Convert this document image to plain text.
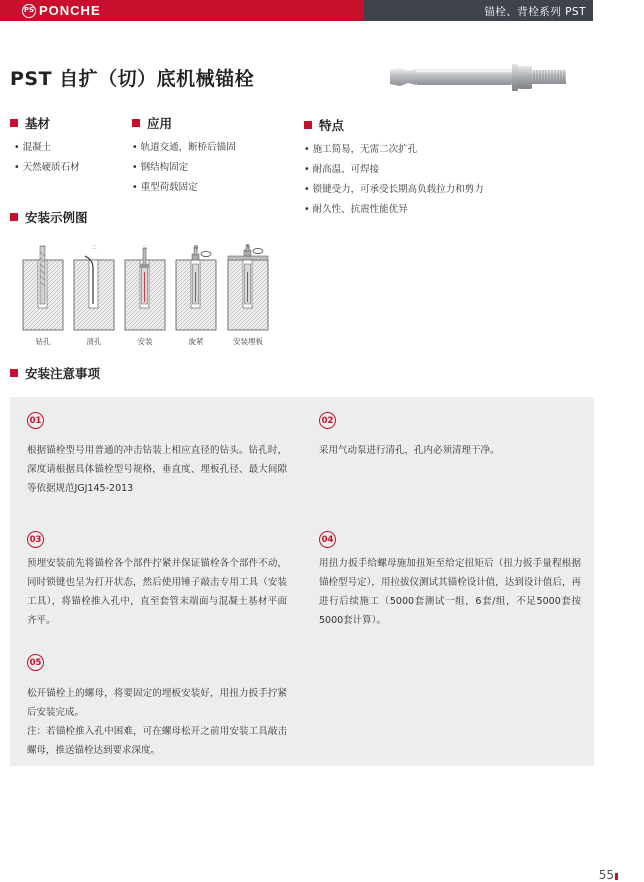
PS PONCHE	锚栓、背栓系列 PST
PST 自扩（切）底机械锚栓
基材
• 混凝土
• 天然硬质石材
应用
• 轨道交通，断桥后锚固
• 钢结构固定
• 重型荷载固定
特点
• 施工简易，无需二次扩孔
• 耐高温、可焊接
• 锁键受力，可承受长期高负载拉力和剪力
• 耐久性、抗震性能优异
安装示例图
一	二	三	四	五
钻孔	清孔	安装	旋紧	安装埋板
安装注意事项
01
根据锚栓型号用普通的冲击钻装上相应直径的钻头。钻孔时，深度请根据具体锚栓型号规格，垂直度、埋板孔径、最大间隙等依据规范JGJ145-2013
02
采用气动泵进行清孔，孔内必须清理干净。
03
预埋安装前先将锚栓各个部件拧紧并保证锚栓各个部件不动，同时锁键也呈为打开状态，然后使用锤子敲击专用工具（安装工具），将锚栓推入孔中，直至套管末端面与混凝土基材平面齐平。
04
用扭力扳手给螺母施加扭矩至给定扭矩后（扭力扳手量程根据锚栓型号定），用拉拔仪测试其锚栓设计值，达到设计值后，再进行后续施工（5000套测试一组，6套/组，不足5000套按5000套计算）。
05
松开锚栓上的螺母，将要固定的埋板安装好，用扭力扳手拧紧后安装完成。
注：若锚栓推入孔中困难，可在螺母松开之前用安装工具敲击螺母，推送锚栓达到要求深度。
55
